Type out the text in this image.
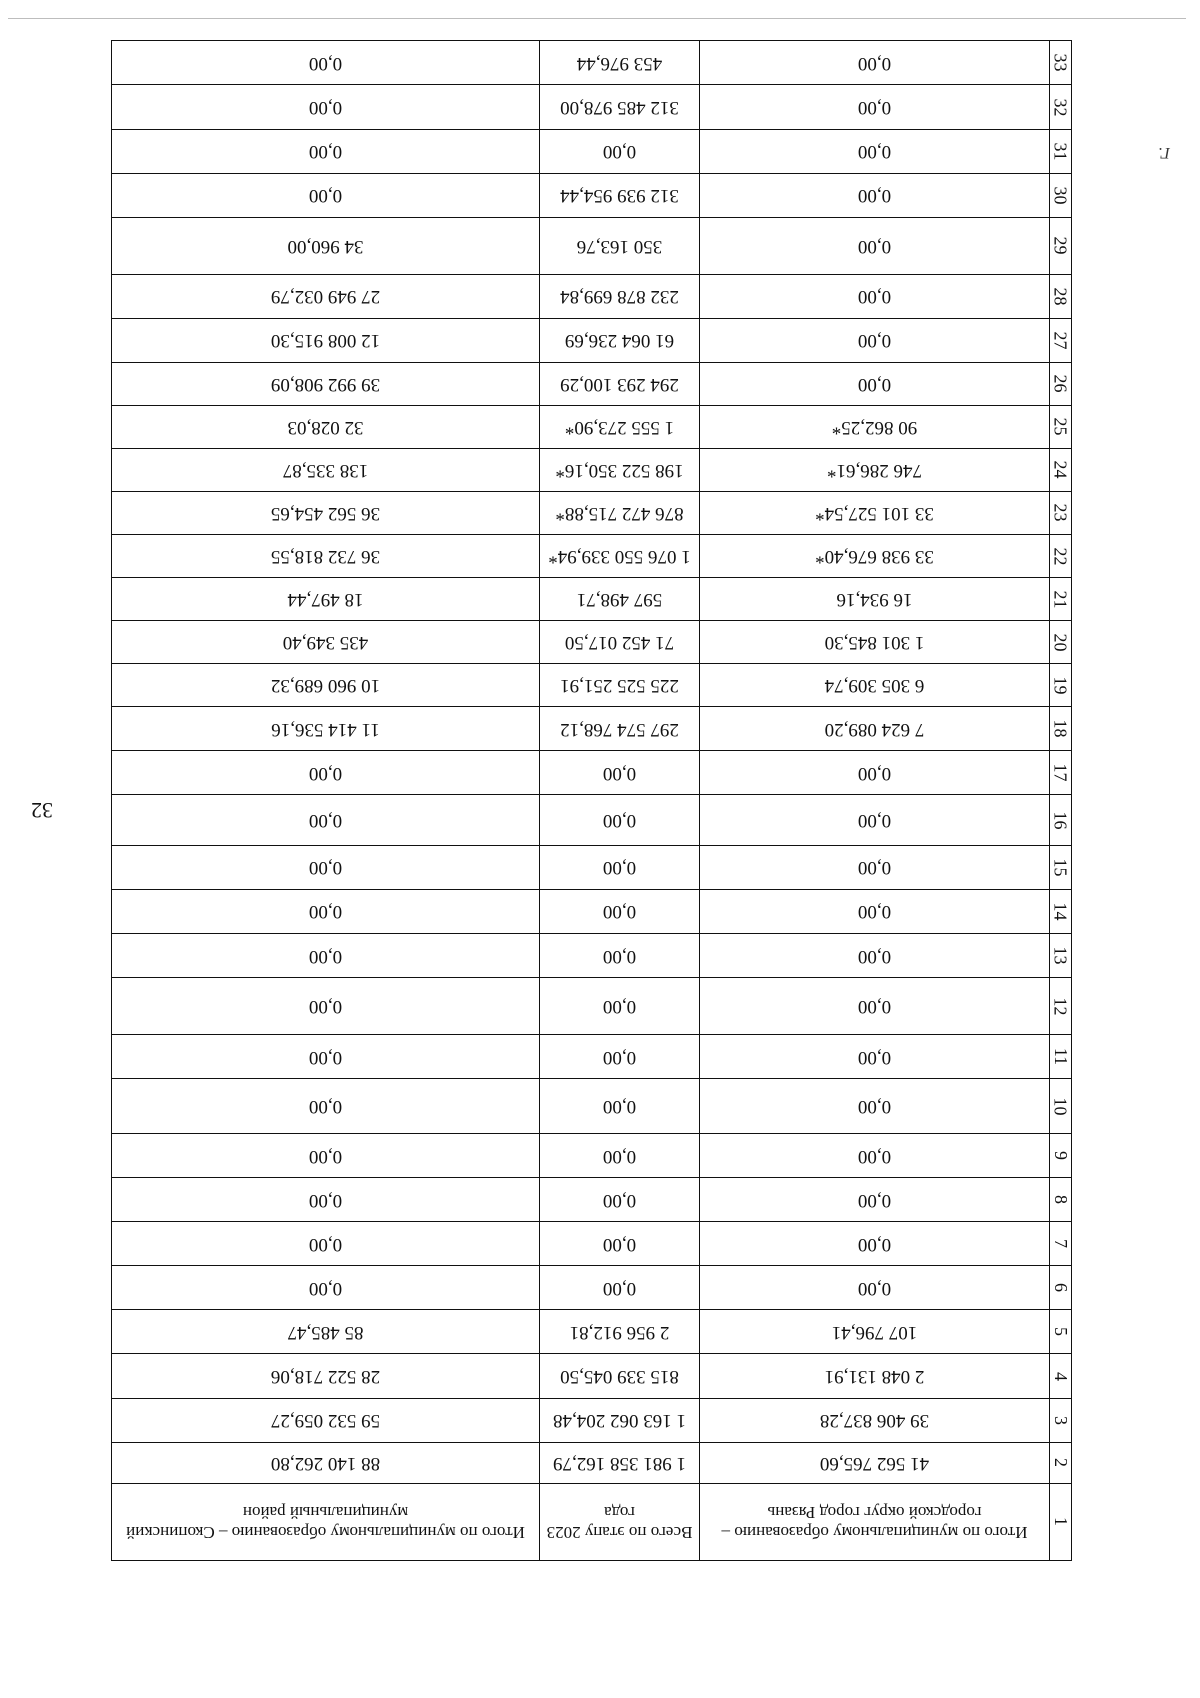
32
Г.
1	Итого по муниципальному образованию – городской округ город Рязань	Всего по этапу 2023 года	Итого по муниципальному образованию – Скопинский муниципальный район
2	41 562 765,60	1 981 358 162,79	88 140 262,80
3	39 406 837,28	1 163 062 204,48	59 532 059,27
4	2 048 131,91	815 339 045,50	28 522 718,06
5	107 796,41	2 956 912,81	85 485,47
6	0,00	0,00	0,00
7	0,00	0,00	0,00
8	0,00	0,00	0,00
9	0,00	0,00	0,00
10	0,00	0,00	0,00
11	0,00	0,00	0,00
12	0,00	0,00	0,00
13	0,00	0,00	0,00
14	0,00	0,00	0,00
15	0,00	0,00	0,00
16	0,00	0,00	0,00
17	0,00	0,00	0,00
18	7 624 089,20	297 574 768,12	11 414 536,16
19	6 305 309,74	225 525 251,91	10 960 689,32
20	1 301 845,30	71 452 017,50	435 349,40
21	16 934,16	597 498,71	18 497,44
22	33 938 676,40*	1 076 550 339,94*	36 732 818,55
23	33 101 527,54*	876 472 715,88*	36 562 454,65
24	746 286,61*	198 522 350,16*	138 335,87
25	90 862,25*	1 555 273,90*	32 028,03
26	0,00	294 293 100,29	39 992 908,09
27	0,00	61 064 236,69	12 008 915,30
28	0,00	232 878 699,84	27 949 032,79
29	0,00	350 163,76	34 960,00
30	0,00	312 939 954,44	0,00
31	0,00	0,00	0,00
32	0,00	312 485 978,00	0,00
33	0,00	453 976,44	0,00
